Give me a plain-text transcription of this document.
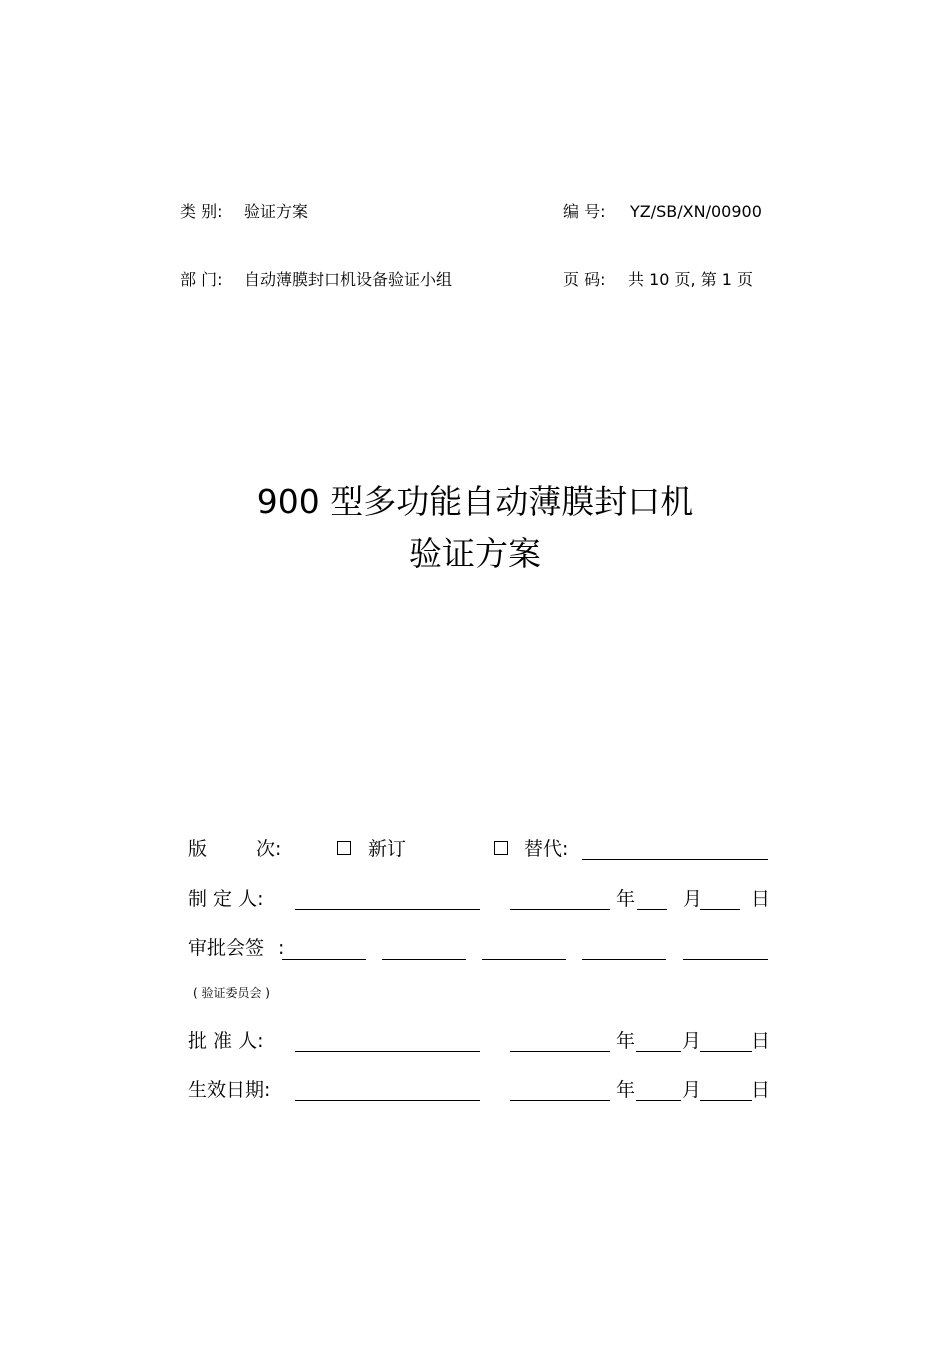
类 别: 验证方案	编 号: YZ/SB/XN/00900
部 门: 自动薄膜封口机设备验证小组	页 码: 共 10 页, 第 1 页
900 型多功能自动薄膜封口机
验证方案
版	次:	新订	替代:
制 定 人:	年	月	日
审批会签 :
( 验证委员会 )
批 准 人:	年 月	日
生效日期:	年 月	日
